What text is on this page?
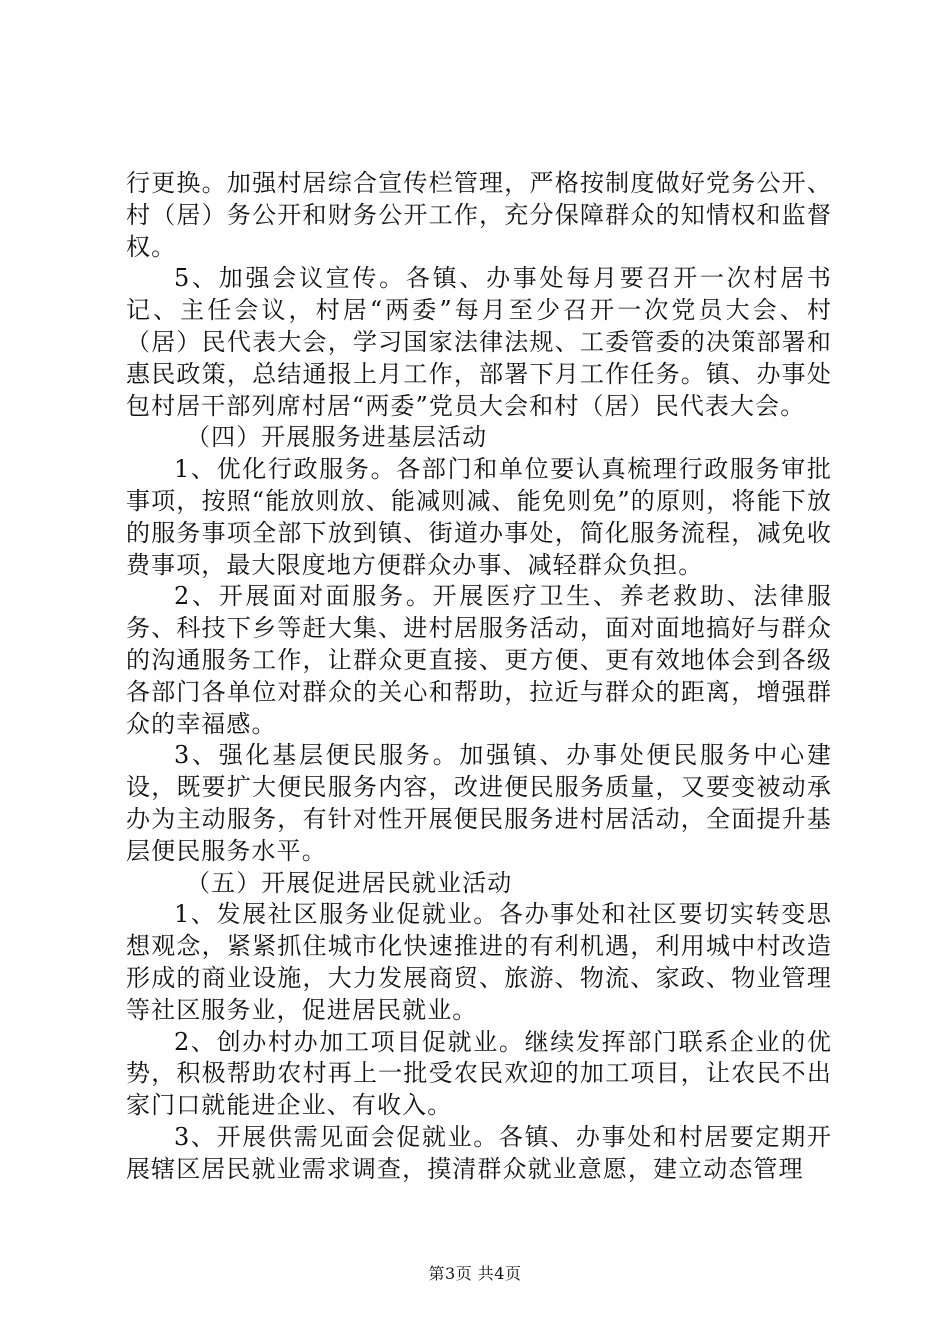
行更换。加强村居综合宣传栏管理，严格按制度做好党务公开、村（居）务公开和财务公开工作，充分保障群众的知情权和监督权。

5、加强会议宣传。各镇、办事处每月要召开一次村居书记、主任会议，村居“两委”每月至少召开一次党员大会、村（居）民代表大会，学习国家法律法规、工委管委的决策部署和惠民政策，总结通报上月工作，部署下月工作任务。镇、办事处包村居干部列席村居“两委”党员大会和村（居）民代表大会。

（四）开展服务进基层活动

1、优化行政服务。各部门和单位要认真梳理行政服务审批事项，按照“能放则放、能减则减、能免则免”的原则，将能下放的服务事项全部下放到镇、街道办事处，简化服务流程，减免收费事项，最大限度地方便群众办事、减轻群众负担。

2、开展面对面服务。开展医疗卫生、养老救助、法律服务、科技下乡等赶大集、进村居服务活动，面对面地搞好与群众的沟通服务工作，让群众更直接、更方便、更有效地体会到各级各部门各单位对群众的关心和帮助，拉近与群众的距离，增强群众的幸福感。

3、强化基层便民服务。加强镇、办事处便民服务中心建设，既要扩大便民服务内容，改进便民服务质量，又要变被动承办为主动服务，有针对性开展便民服务进村居活动，全面提升基层便民服务水平。

（五）开展促进居民就业活动

1、发展社区服务业促就业。各办事处和社区要切实转变思想观念，紧紧抓住城市化快速推进的有利机遇，利用城中村改造形成的商业设施，大力发展商贸、旅游、物流、家政、物业管理等社区服务业，促进居民就业。

2、创办村办加工项目促就业。继续发挥部门联系企业的优势，积极帮助农村再上一批受农民欢迎的加工项目，让农民不出家门口就能进企业、有收入。

3、开展供需见面会促就业。各镇、办事处和村居要定期开展辖区居民就业需求调查，摸清群众就业意愿，建立动态管理

第3页 共4页
